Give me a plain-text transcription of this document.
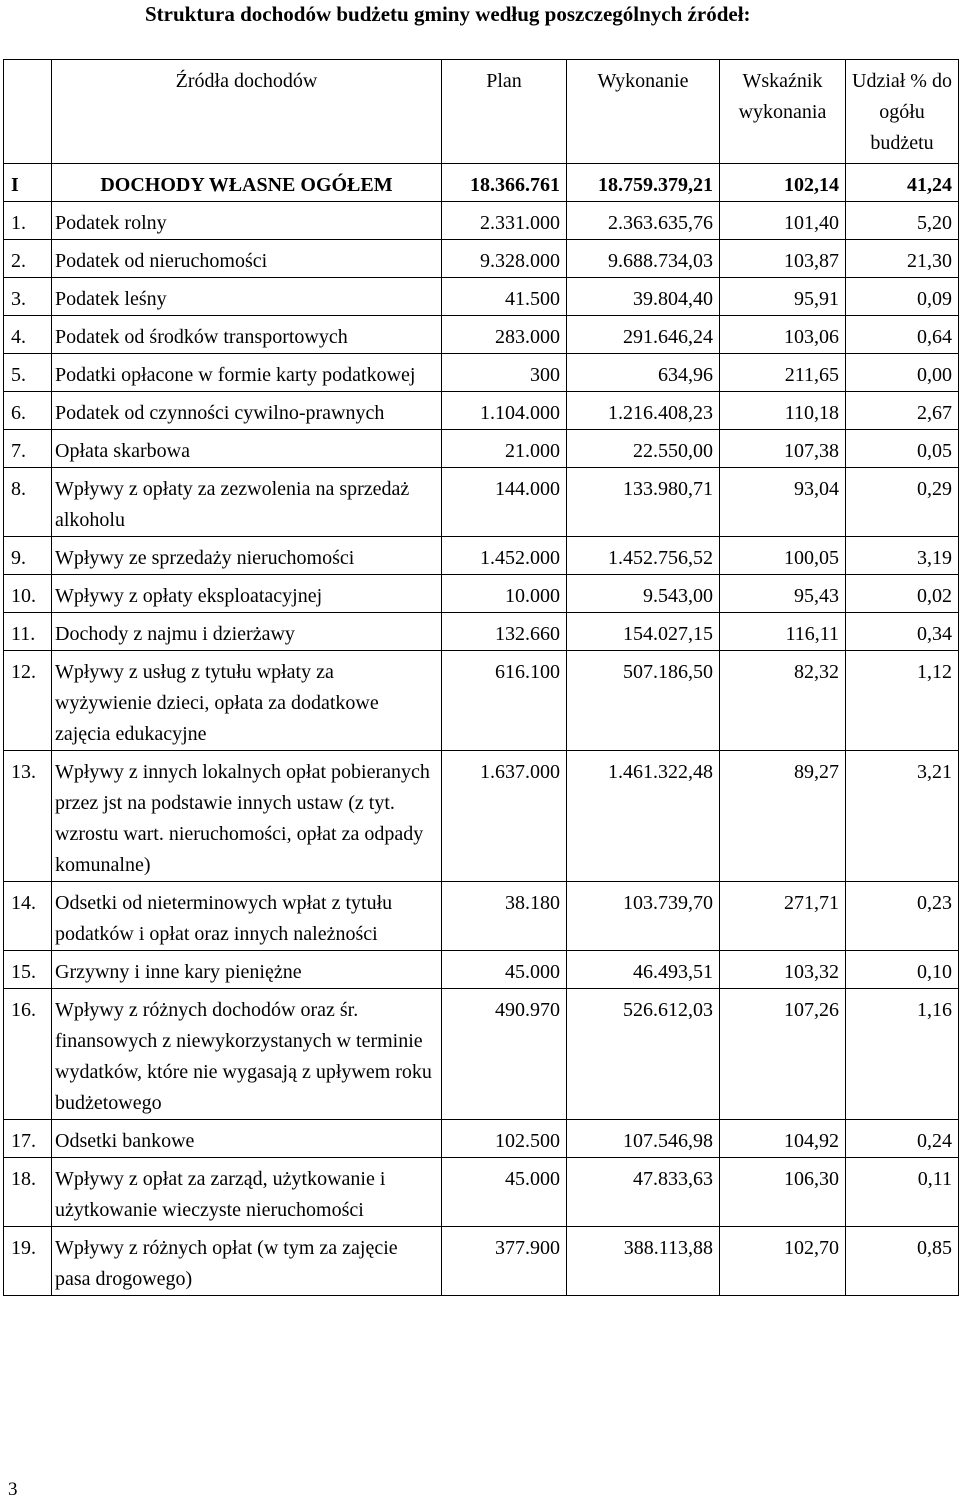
Struktura dochodów budżetu gminy według poszczególnych źródeł:
	Źródła dochodów	Plan	Wykonanie	Wskaźnik wykonania	Udział % do ogółu budżetu
I	DOCHODY WŁASNE OGÓŁEM	18.366.761	18.759.379,21	102,14	41,24
1.	Podatek rolny	2.331.000	2.363.635,76	101,40	5,20
2.	Podatek od nieruchomości	9.328.000	9.688.734,03	103,87	21,30
3.	Podatek leśny	41.500	39.804,40	95,91	0,09
4.	Podatek od środków transportowych	283.000	291.646,24	103,06	0,64
5.	Podatki opłacone w formie karty podatkowej	300	634,96	211,65	0,00
6.	Podatek od czynności cywilno-prawnych	1.104.000	1.216.408,23	110,18	2,67
7.	Opłata skarbowa	21.000	22.550,00	107,38	0,05
8.	Wpływy z opłaty za zezwolenia na sprzedaż alkoholu	144.000	133.980,71	93,04	0,29
9.	Wpływy ze sprzedaży nieruchomości	1.452.000	1.452.756,52	100,05	3,19
10.	Wpływy z opłaty eksploatacyjnej	10.000	9.543,00	95,43	0,02
11.	Dochody z najmu i dzierżawy	132.660	154.027,15	116,11	0,34
12.	Wpływy z usług z tytułu wpłaty za wyżywienie dzieci, opłata za dodatkowe zajęcia edukacyjne	616.100	507.186,50	82,32	1,12
13.	Wpływy z innych lokalnych opłat pobieranych przez jst na podstawie innych ustaw (z tyt. wzrostu wart. nieruchomości, opłat za odpady komunalne)	1.637.000	1.461.322,48	89,27	3,21
14.	Odsetki od nieterminowych wpłat z tytułu podatków i opłat oraz innych należności	38.180	103.739,70	271,71	0,23
15.	Grzywny i inne kary pieniężne	45.000	46.493,51	103,32	0,10
16.	Wpływy z różnych dochodów oraz śr. finansowych z niewykorzystanych w terminie wydatków, które nie wygasają z upływem roku budżetowego	490.970	526.612,03	107,26	1,16
17.	Odsetki bankowe	102.500	107.546,98	104,92	0,24
18.	Wpływy z opłat za zarząd, użytkowanie i użytkowanie wieczyste nieruchomości	45.000	47.833,63	106,30	0,11
19.	Wpływy z różnych opłat (w tym za zajęcie pasa drogowego)	377.900	388.113,88	102,70	0,85
3
